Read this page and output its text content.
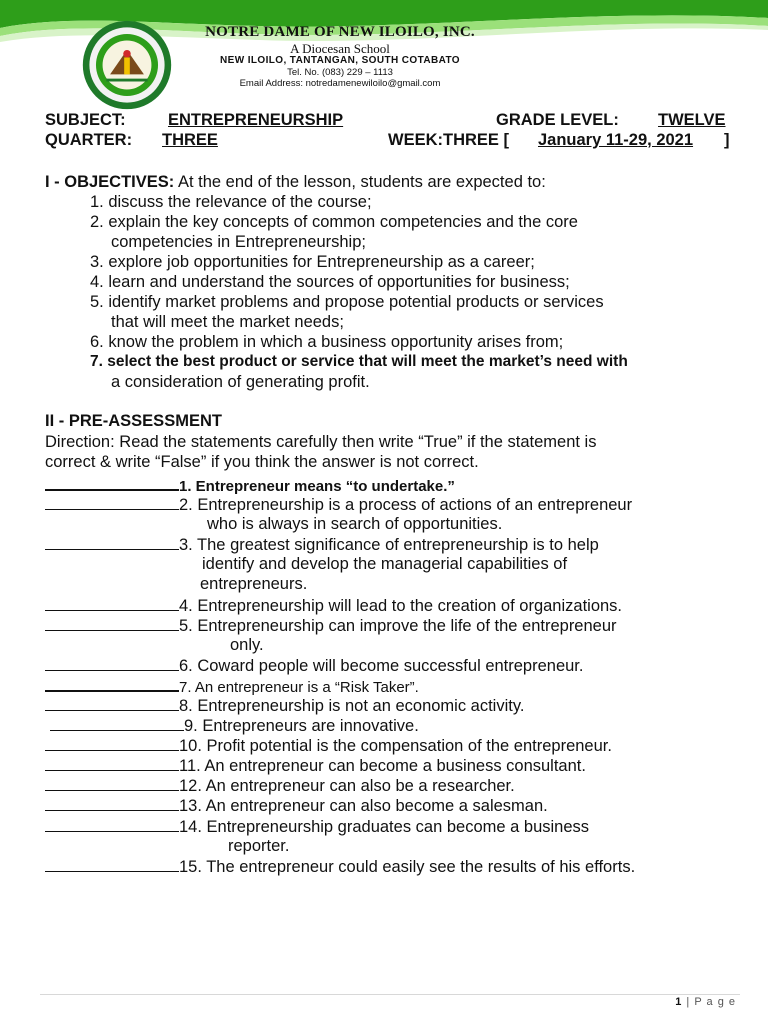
NOTRE DAME OF NEW ILOILO, INC.
A Diocesan School
NEW ILOILO, TANTANGAN, SOUTH COTABATO
Tel. No. (083) 229 – 1113
Email Address: notredamenewiloilo@gmail.com
SUBJECT:	ENTREPRENEURSHIP	GRADE LEVEL: TWELVE
QUARTER: THREE	WEEK:THREE [ January 11-29, 2021 ]
I - OBJECTIVES: At the end of the lesson, students are expected to:
1. discuss the relevance of the course;
2. explain the key concepts of common competencies and the core
competencies in Entrepreneurship;
3. explore job opportunities for Entrepreneurship as a career;
4. learn and understand the sources of opportunities for business;
5. identify market problems and propose potential products or services
that will meet the market needs;
6. know the problem in which a business opportunity arises from;
7. select the best product or service that will meet the market’s need with
a consideration of generating profit.
II - PRE-ASSESSMENT
Direction: Read the statements carefully then write “True” if the statement is
correct & write “False” if you think the answer is not correct.
1. Entrepreneur means “to undertake.”
2. Entrepreneurship is a process of actions of an entrepreneur
who is always in search of opportunities.
3. The greatest significance of entrepreneurship is to help
identify and develop the managerial capabilities of
entrepreneurs.
4. Entrepreneurship will lead to the creation of organizations.
5. Entrepreneurship can improve the life of the entrepreneur
only.
6. Coward people will become successful entrepreneur.
7. An entrepreneur is a “Risk Taker”.
8. Entrepreneurship is not an economic activity.
9. Entrepreneurs are innovative.
10. Profit potential is the compensation of the entrepreneur.
11. An entrepreneur can become a business consultant.
12. An entrepreneur can also be a researcher.
13. An entrepreneur can also become a salesman.
14. Entrepreneurship graduates can become a business
reporter.
15. The entrepreneur could easily see the results of his efforts.
1 | P a g e
